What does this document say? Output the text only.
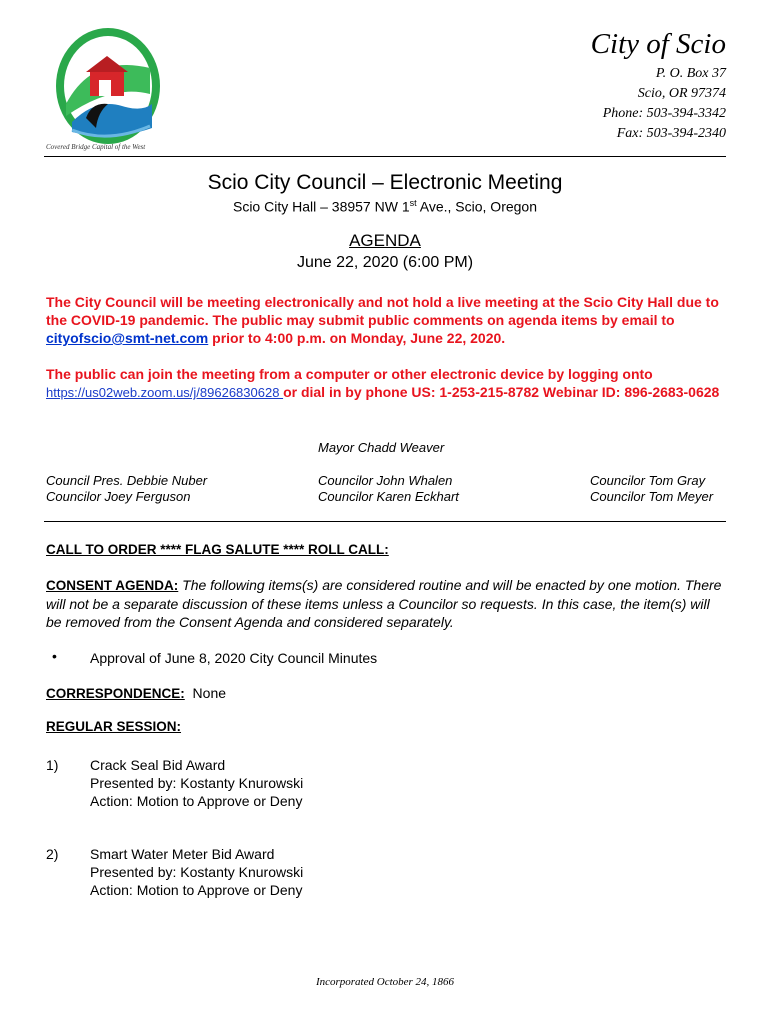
Covered Bridge Capital of the West
City of Scio
P. O. Box 37
Scio, OR 97374
Phone: 503-394-3342
Fax: 503-394-2340
Scio City Council – Electronic Meeting
Scio City Hall – 38957 NW 1st Ave., Scio, Oregon
AGENDA
June 22, 2020 (6:00 PM)
The City Council will be meeting electronically and not hold a live meeting at the Scio City Hall due to the COVID-19 pandemic. The public may submit public comments on agenda items by email to cityofscio@smt-net.com prior to 4:00 p.m. on Monday, June 22, 2020.
The public can join the meeting from a computer or other electronic device by logging onto https://us02web.zoom.us/j/89626830628 or dial in by phone US: 1-253-215-8782 Webinar ID: 896-2683-0628
Mayor Chadd Weaver
Council Pres. Debbie Nuber
Councilor Joey Ferguson
Councilor John Whalen
Councilor Karen Eckhart
Councilor Tom Gray
Councilor Tom Meyer
CALL TO ORDER **** FLAG SALUTE **** ROLL CALL:
CONSENT AGENDA: The following items(s) are considered routine and will be enacted by one motion. There will not be a separate discussion of these items unless a Councilor so requests. In this case, the item(s) will be removed from the Consent Agenda and considered separately.
• Approval of June 8, 2020 City Council Minutes
CORRESPONDENCE:  None
REGULAR SESSION:
1) Crack Seal Bid Award
Presented by: Kostanty Knurowski
Action: Motion to Approve or Deny
2) Smart Water Meter Bid Award
Presented by: Kostanty Knurowski
Action: Motion to Approve or Deny
Incorporated October 24, 1866
